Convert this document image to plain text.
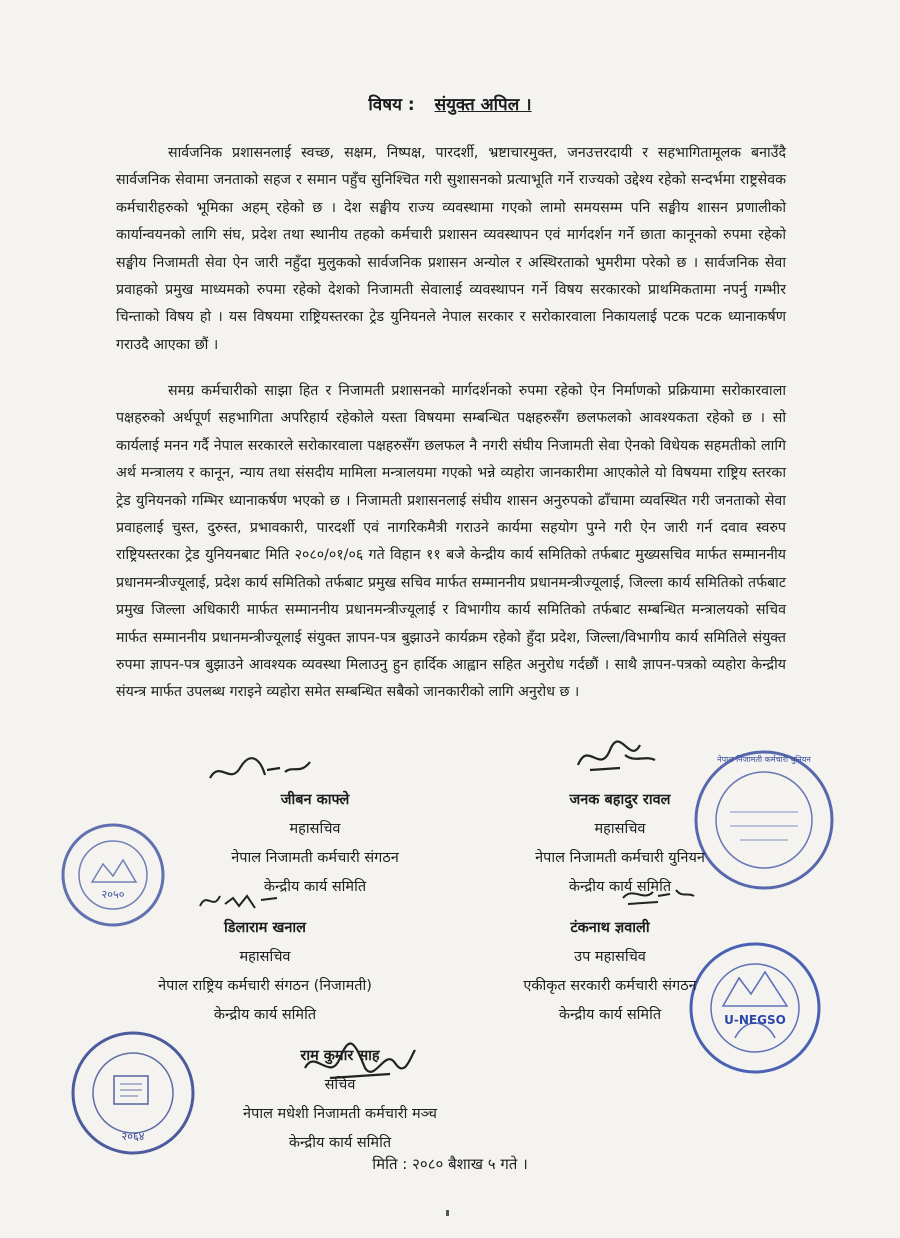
विषय : संयुक्त अपिल ।

सार्वजनिक प्रशासनलाई स्वच्छ, सक्षम, निष्पक्ष, पारदर्शी, भ्रष्टाचारमुक्त, जनउत्तरदायी र सहभागितामूलक बनाउँदै सार्वजनिक सेवामा जनताको सहज र समान पहुँच सुनिश्चित गरी सुशासनको प्रत्याभूति गर्ने राज्यको उद्देश्य रहेको सन्दर्भमा राष्ट्रसेवक कर्मचारीहरुको भूमिका अहम् रहेको छ । देश सङ्घीय राज्य व्यवस्थामा गएको लामो समयसम्म पनि सङ्घीय शासन प्रणालीको कार्यान्वयनको लागि संघ, प्रदेश तथा स्थानीय तहको कर्मचारी प्रशासन व्यवस्थापन एवं मार्गदर्शन गर्ने छाता कानूनको रुपमा रहेको सङ्घीय निजामती सेवा ऐन जारी नहुँदा मुलुकको सार्वजनिक प्रशासन अन्योल र अस्थिरताको भुमरीमा परेको छ । सार्वजनिक सेवा प्रवाहको प्रमुख माध्यमको रुपमा रहेको देशको निजामती सेवालाई व्यवस्थापन गर्ने विषय सरकारको प्राथमिकतामा नपर्नु गम्भीर चिन्ताको विषय हो । यस विषयमा राष्ट्रियस्तरका ट्रेड युनियनले नेपाल सरकार र सरोकारवाला निकायलाई पटक पटक ध्यानाकर्षण गराउदै आएका छौं ।

समग्र कर्मचारीको साझा हित र निजामती प्रशासनको मार्गदर्शनको रुपमा रहेको ऐन निर्माणको प्रक्रियामा सरोकारवाला पक्षहरुको अर्थपूर्ण सहभागिता अपरिहार्य रहेकोले यस्ता विषयमा सम्बन्धित पक्षहरुसँग छलफलको आवश्यकता रहेको छ । सो कार्यलाई मनन गर्दै नेपाल सरकारले सरोकारवाला पक्षहरुसँग छलफल नै नगरी संघीय निजामती सेवा ऐनको विधेयक सहमतीको लागि अर्थ मन्त्रालय र कानून, न्याय तथा संसदीय मामिला मन्त्रालयमा गएको भन्ने व्यहोरा जानकारीमा आएकोले यो विषयमा राष्ट्रिय स्तरका ट्रेड युनियनको गम्भिर ध्यानाकर्षण भएको छ । निजामती प्रशासनलाई संघीय शासन अनुरुपको ढाँचामा व्यवस्थित गरी जनताको सेवा प्रवाहलाई चुस्त, दुरुस्त, प्रभावकारी, पारदर्शी एवं नागरिकमैत्री गराउने कार्यमा सहयोग पुग्ने गरी ऐन जारी गर्न दवाव स्वरुप राष्ट्रियस्तरका ट्रेड युनियनबाट मिति २०८०/०१/०६ गते विहान ११ बजे केन्द्रीय कार्य समितिको तर्फबाट मुख्यसचिव मार्फत सम्माननीय प्रधानमन्त्रीज्यूलाई, प्रदेश कार्य समितिको तर्फबाट प्रमुख सचिव मार्फत सम्माननीय प्रधानमन्त्रीज्यूलाई, जिल्ला कार्य समितिको तर्फबाट प्रमुख जिल्ला अधिकारी मार्फत सम्माननीय प्रधानमन्त्रीज्यूलाई र विभागीय कार्य समितिको तर्फबाट सम्बन्धित मन्त्रालयको सचिव मार्फत सम्माननीय प्रधानमन्त्रीज्यूलाई संयुक्त ज्ञापन-पत्र बुझाउने कार्यक्रम रहेको हुँदा प्रदेश, जिल्ला/विभागीय कार्य समितिले संयुक्त रुपमा ज्ञापन-पत्र बुझाउने आवश्यक व्यवस्था मिलाउनु हुन हार्दिक आह्वान सहित अनुरोध गर्दछौं । साथै ज्ञापन-पत्रको व्यहोरा केन्द्रीय संयन्त्र मार्फत उपलब्ध गराइने व्यहोरा समेत सम्बन्धित सबैको जानकारीको लागि अनुरोध छ ।

२०५०
नेपाल निजामती कर्मचारी युनियन
U-NEGSO
२०६४
जीबन काफ्ले
महासचिव
नेपाल निजामती कर्मचारी संगठन
केन्द्रीय कार्य समिति
जनक बहादुर रावल
महासचिव
नेपाल निजामती कर्मचारी युनियन
केन्द्रीय कार्य समिति
डिलाराम खनाल
महासचिव
नेपाल राष्ट्रिय कर्मचारी संगठन (निजामती)
केन्द्रीय कार्य समिति
टंकनाथ ज्ञवाली
उप महासचिव
एकीकृत सरकारी कर्मचारी संगठन
केन्द्रीय कार्य समिति
राम कुमार साह
सचिव
नेपाल मधेशी निजामती कर्मचारी मञ्च
केन्द्रीय कार्य समिति
मिति : २०८० बैशाख ५ गते ।
